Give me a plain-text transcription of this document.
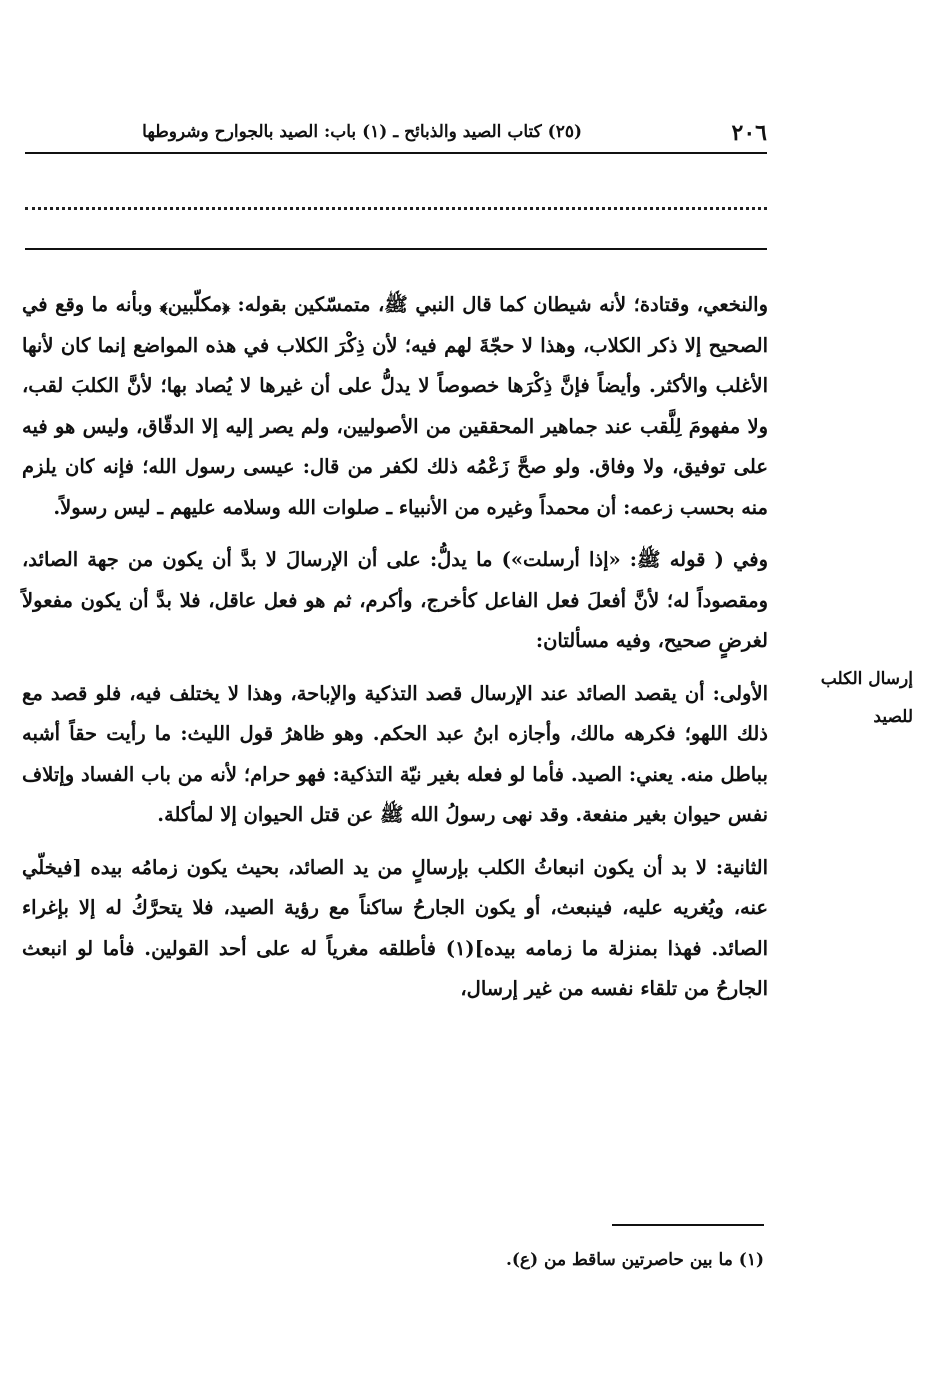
٢٠٦
(٢٥) كتاب الصيد والذبائح ـ (١) باب: الصيد بالجوارح وشروطها

والنخعي، وقتادة؛ لأنه شيطان كما قال النبي ﷺ، متمسّكين بقوله: ﴿مكلّبين﴾ وبأنه ما وقع في الصحيح إلا ذكر الكلاب، وهذا لا حجّةَ لهم فيه؛ لأن ذِكْرَ الكلاب في هذه المواضع إنما كان لأنها الأغلب والأكثر. وأيضاً فإنَّ ذِكْرَها خصوصاً لا يدلُّ على أن غيرها لا يُصاد بها؛ لأنَّ الكلبَ لقب، ولا مفهومَ لِلَّقب عند جماهير المحققين من الأصوليين، ولم يصر إليه إلا الدقّاق، وليس هو فيه على توفيق، ولا وفاق. ولو صحَّ زَعْمُه ذلك لكفر من قال: عيسى رسول الله؛ فإنه كان يلزم منه بحسب زعمه: أن محمداً وغيره من الأنبياء ـ صلوات الله وسلامه عليهم ـ ليس رسولاً.

وفي ( قوله ﷺ: «إذا أرسلت») ما يدلُّ: على أن الإرسالَ لا بدَّ أن يكون من جهة الصائد، ومقصوداً له؛ لأنَّ أفعلَ فعل الفاعل كأخرج، وأكرم، ثم هو فعل عاقل، فلا بدَّ أن يكون مفعولاً لغرضٍ صحيح، وفيه مسألتان:

الأولى: أن يقصد الصائد عند الإرسال قصد التذكية والإباحة، وهذا لا يختلف فيه، فلو قصد مع ذلك اللهو؛ فكرهه مالك، وأجازه ابنُ عبد الحكم. وهو ظاهرُ قول الليث: ما رأيت حقاً أشبه بباطل منه. يعني: الصيد. فأما لو فعله بغير نيّة التذكية: فهو حرام؛ لأنه من باب الفساد وإتلاف نفس حيوان بغير منفعة. وقد نهى رسولُ الله ﷺ عن قتل الحيوان إلا لمأكلة.

الثانية: لا بد أن يكون انبعاثُ الكلب بإرسالٍ من يد الصائد، بحيث يكون زمامُه بيده [فيخلّي عنه، ويُغريه عليه، فينبعث، أو يكون الجارحُ ساكناً مع رؤية الصيد، فلا يتحرَّكُ له إلا بإغراء الصائد. فهذا بمنزلة ما زمامه بيده](١) فأطلقه مغرياً له على أحد القولين. فأما لو انبعث الجارحُ من تلقاء نفسه من غير إرسال،

إرسال الكلب للصيد
(١) ما بين حاصرتين ساقط من (ع).
